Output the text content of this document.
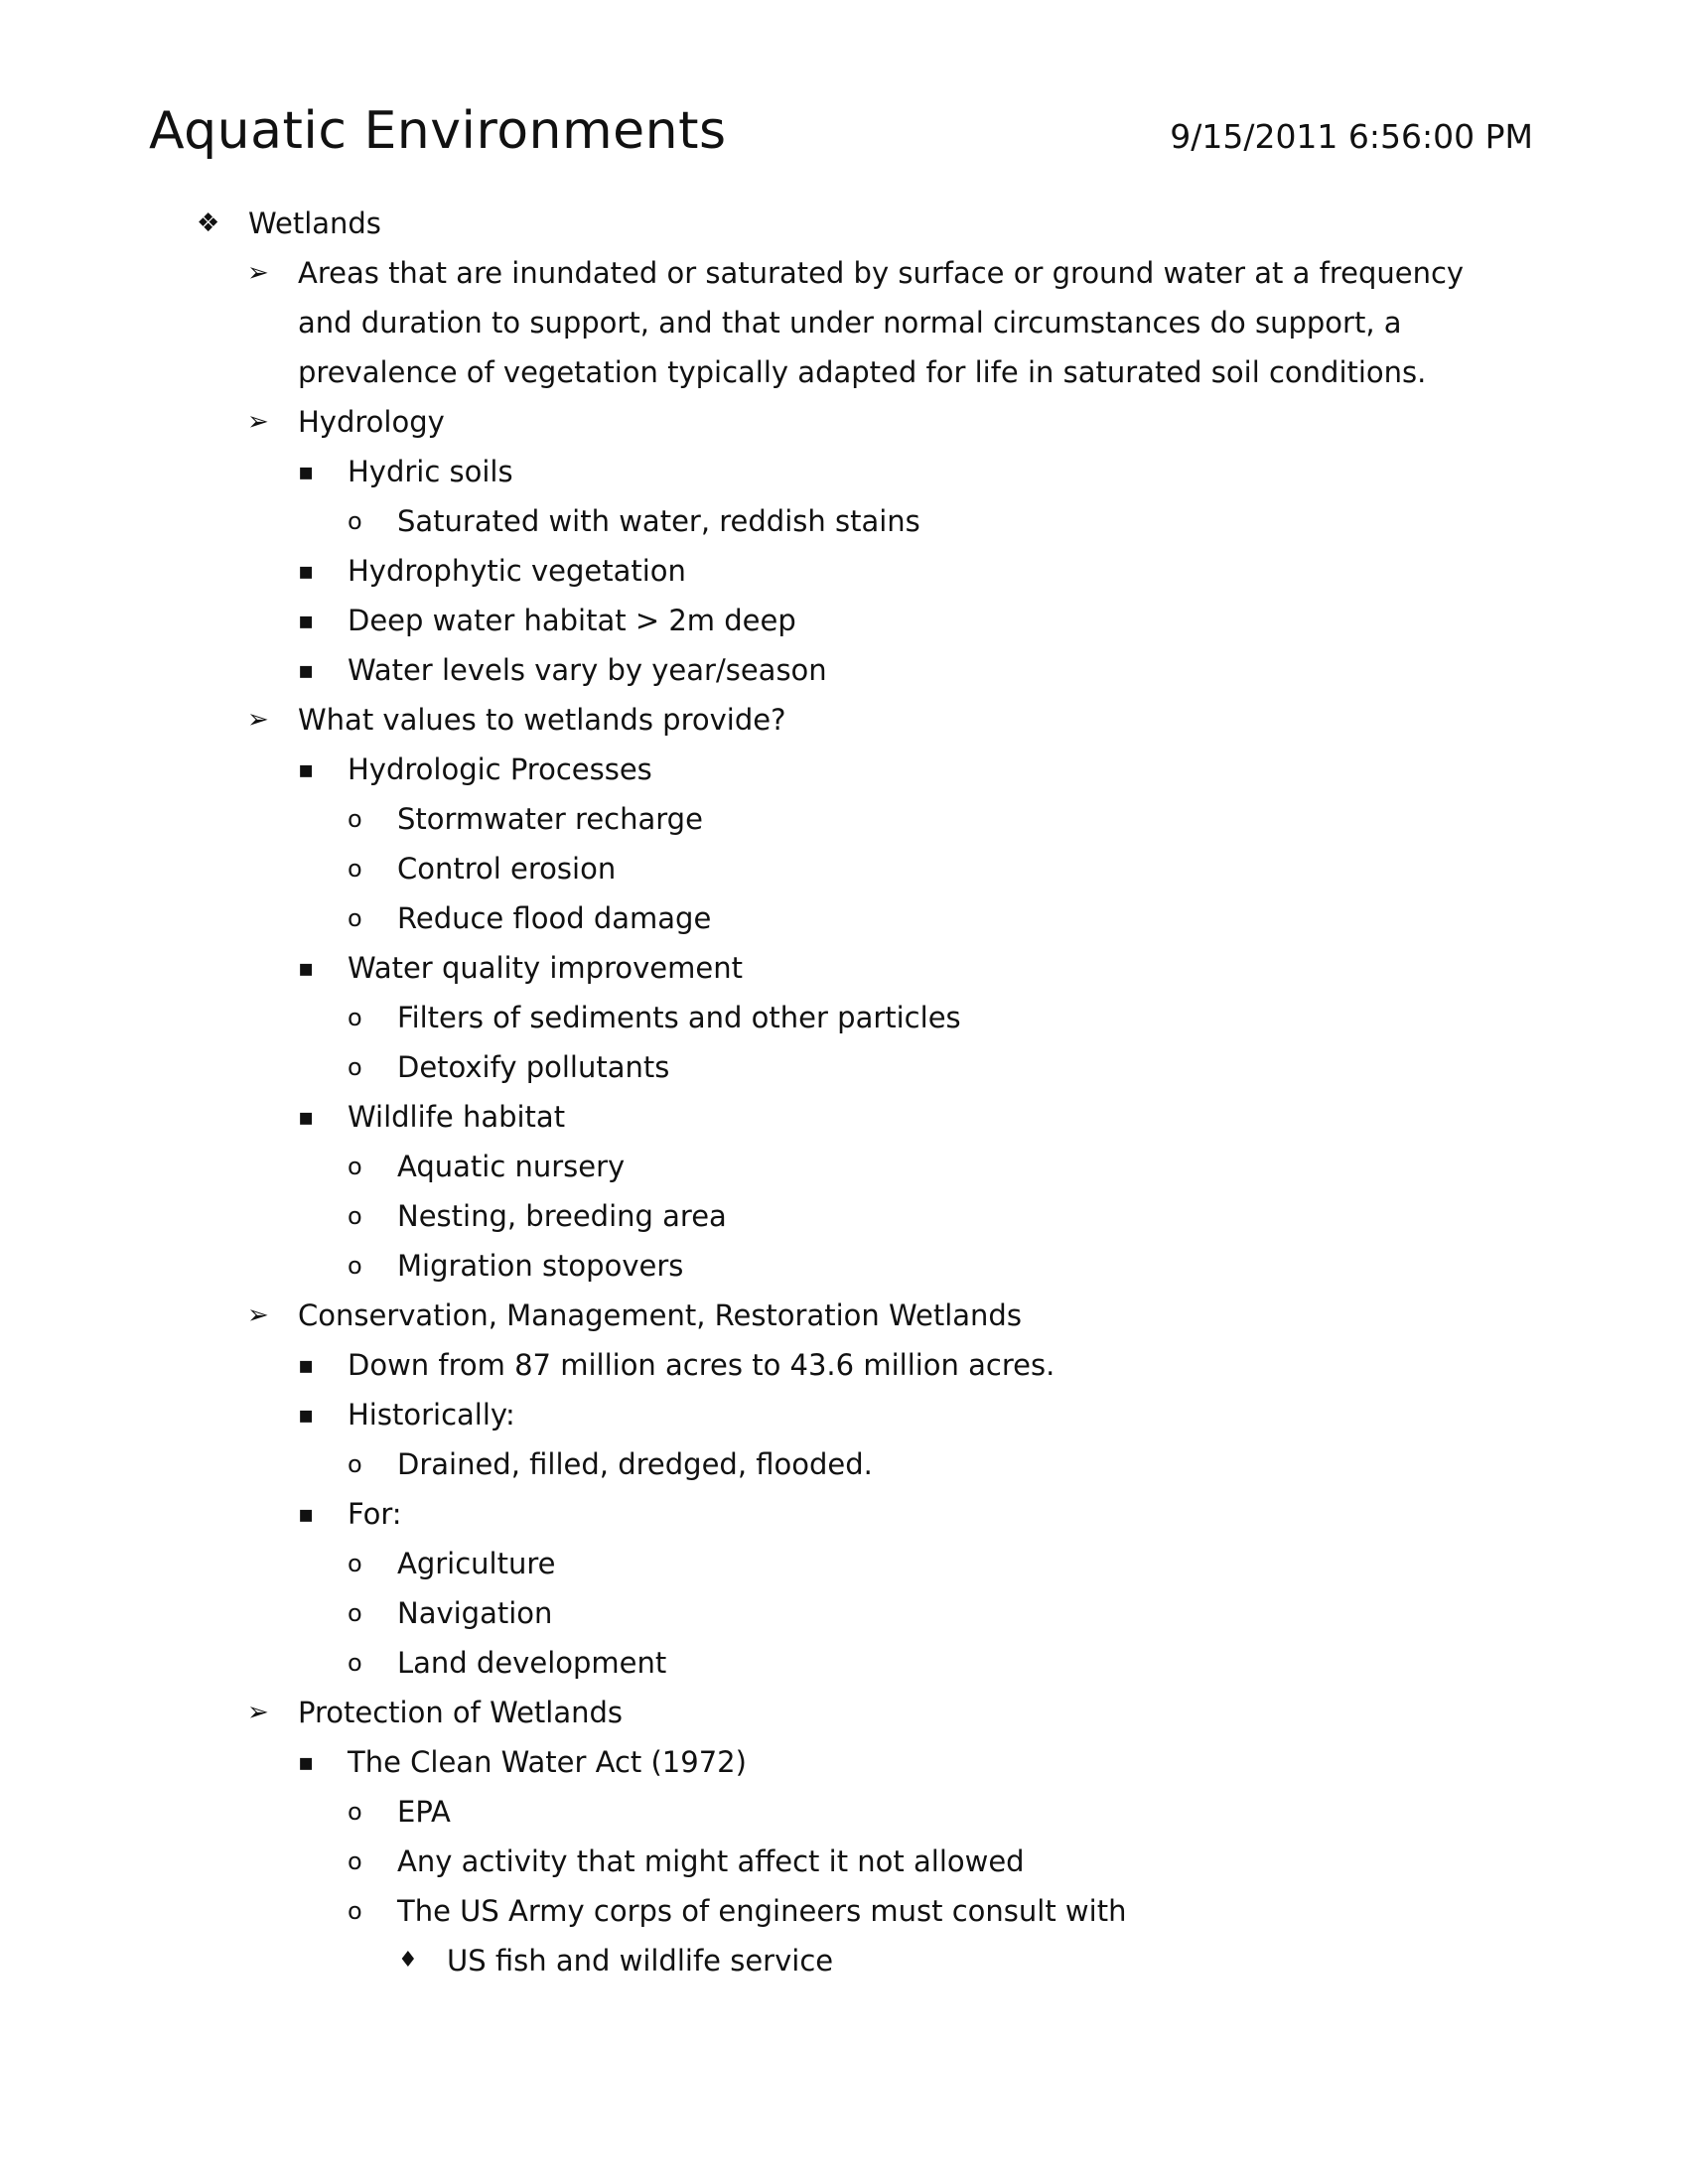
Aquatic Environments	9/15/2011 6:56:00 PM
❖ Wetlands
➢	Areas that are inundated or saturated by surface or ground water at a frequency and duration to support, and that under normal circumstances do support, a prevalence of vegetation typically adapted for life in saturated soil conditions.
➢	Hydrology
▪	Hydric soils
o	Saturated with water, reddish stains
▪	Hydrophytic vegetation
▪	Deep water habitat > 2m deep
▪	Water levels vary by year/season
➢	What values to wetlands provide?
▪	Hydrologic Processes
o	Stormwater recharge
o	Control erosion
o	Reduce flood damage
▪	Water quality improvement
o	Filters of sediments and other particles
o	Detoxify pollutants
▪	Wildlife habitat
o	Aquatic nursery
o	Nesting, breeding area
o	Migration stopovers
➢	Conservation, Management, Restoration Wetlands
▪	Down from 87 million acres to 43.6 million acres.
▪	Historically:
o	Drained, filled, dredged, flooded.
▪	For:
o	Agriculture
o	Navigation
o	Land development
➢	Protection of Wetlands
▪	The Clean Water Act (1972)
o	EPA
o	Any activity that might affect it not allowed
o	The US Army corps of engineers must consult with
♦	US fish and wildlife service
